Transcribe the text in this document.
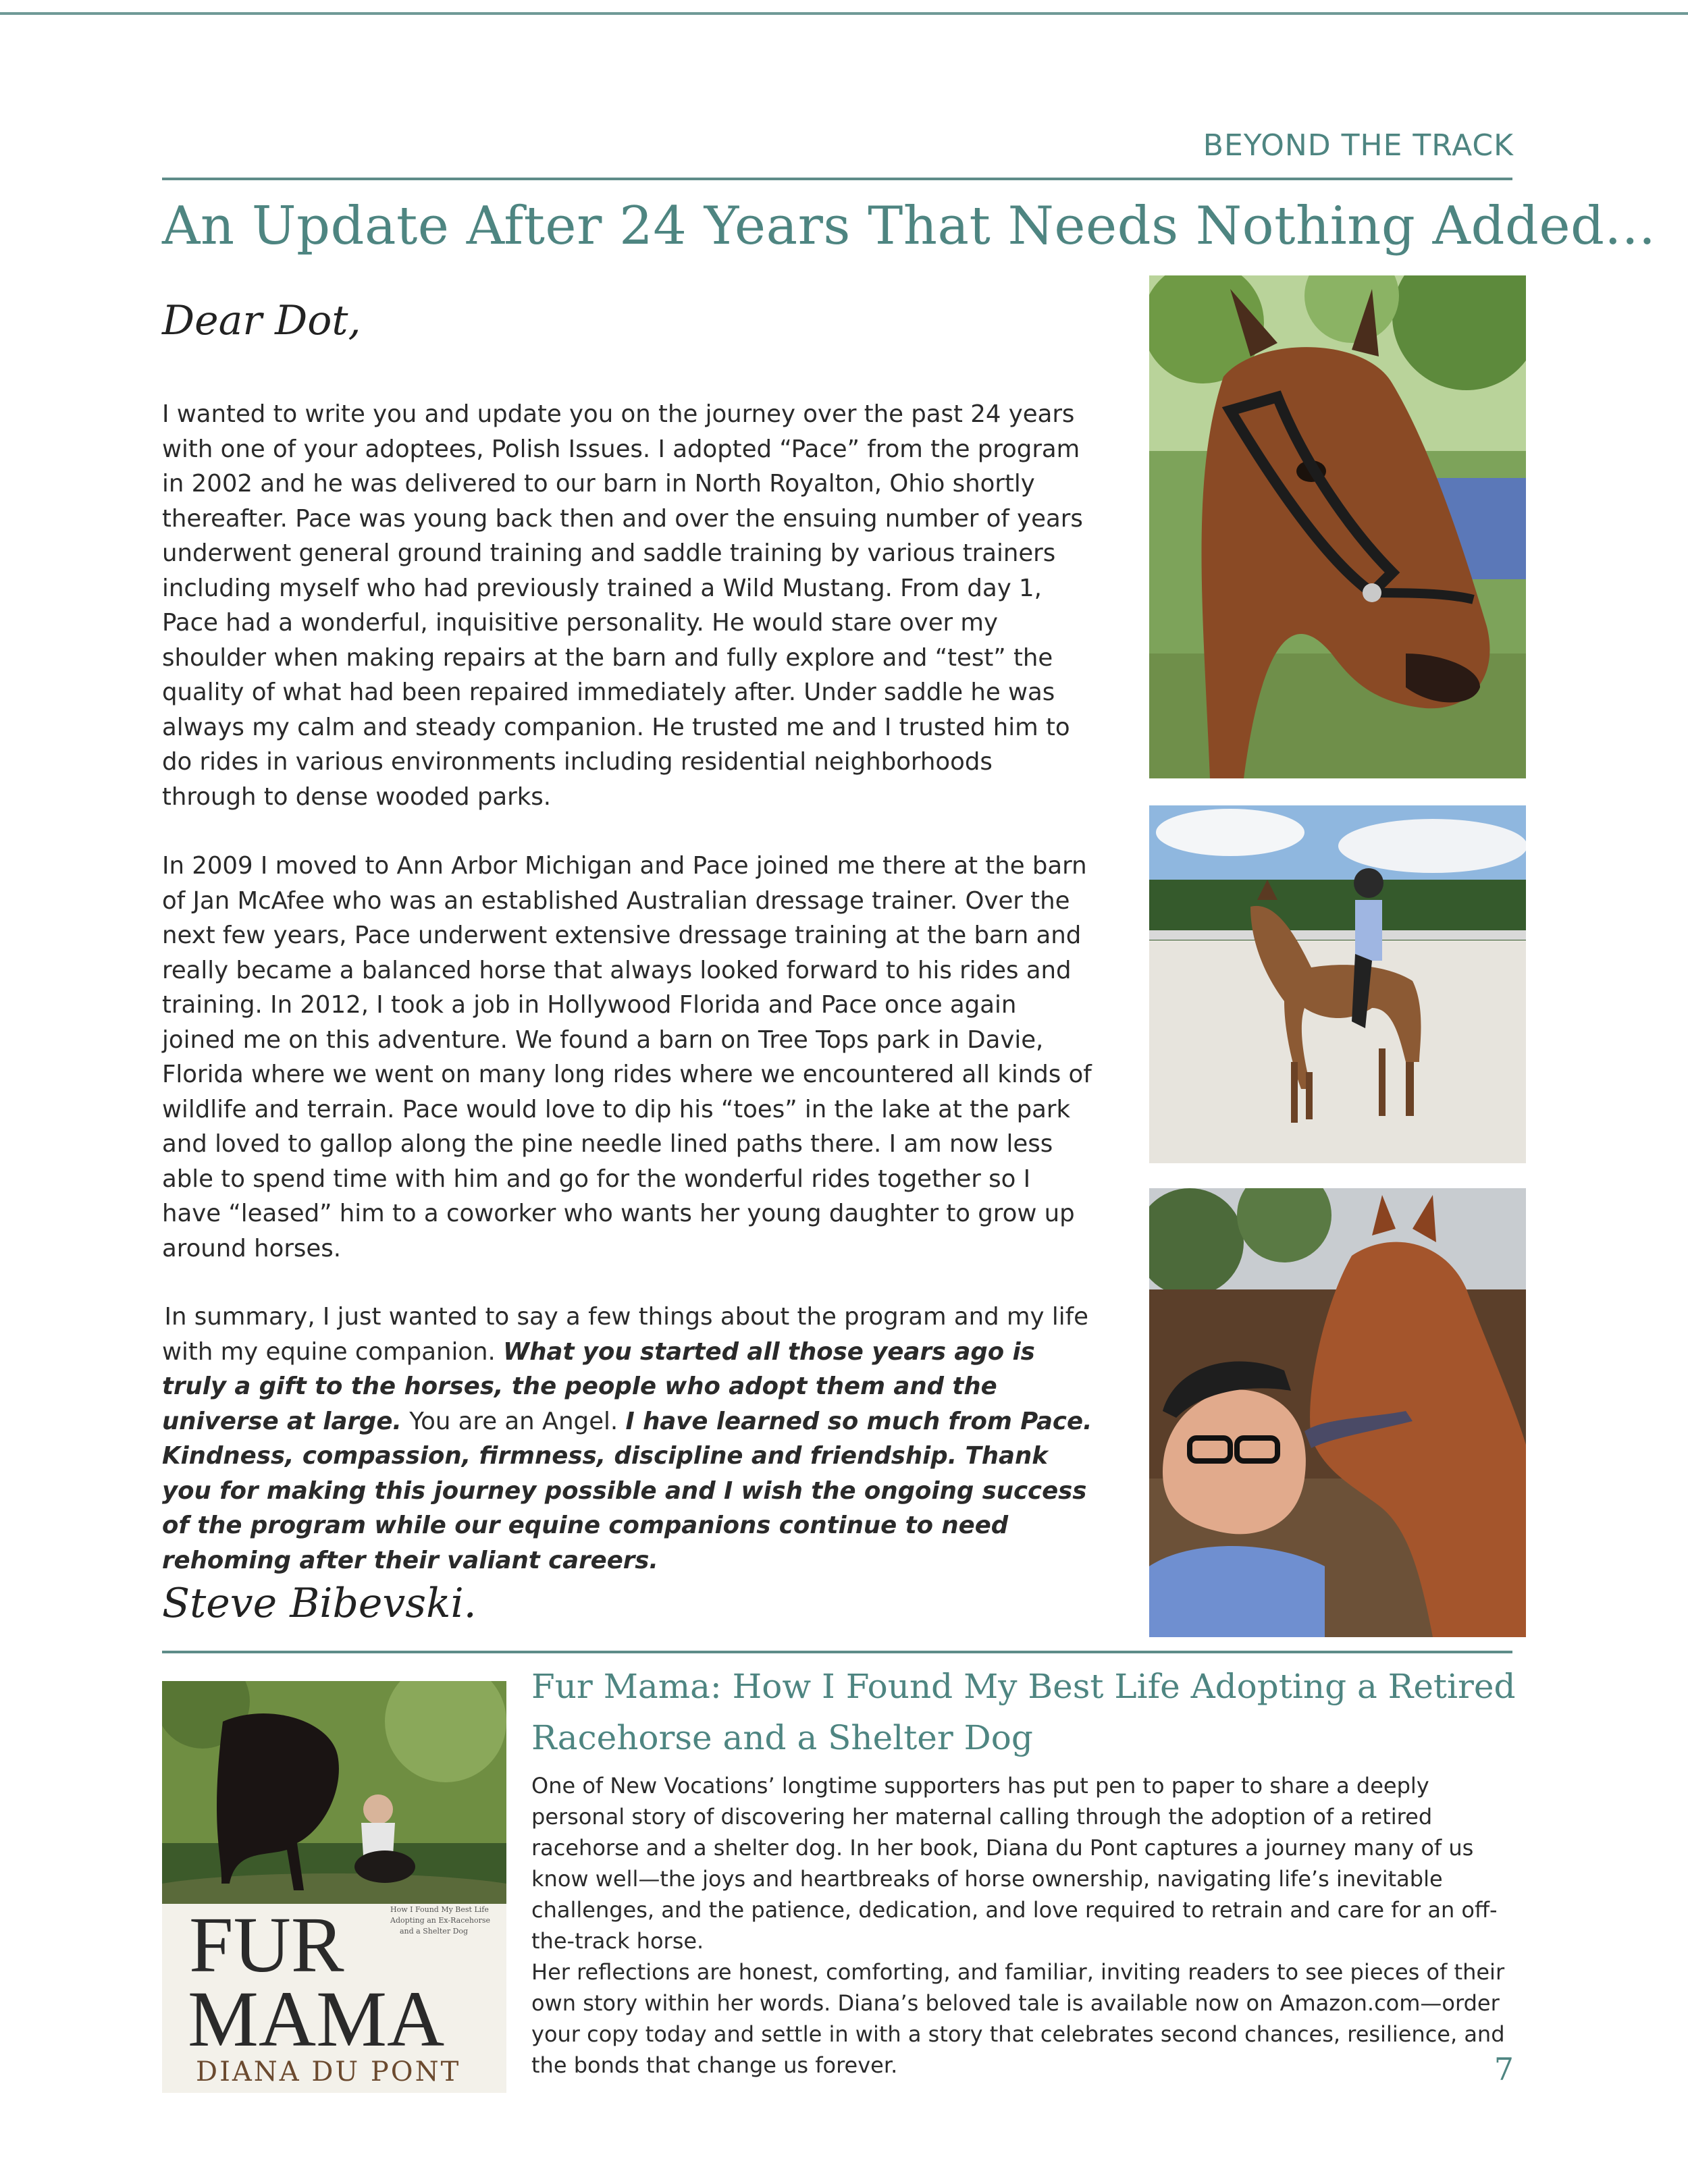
BEYOND THE TRACK
An Update After 24 Years That Needs Nothing Added...
Dear Dot,

I wanted to write you and update you on the journey over the past 24 years with one of your adoptees, Polish Issues. I adopted “Pace” from the program in 2002 and he was delivered to our barn in North Royalton, Ohio shortly thereafter. Pace was young back then and over the ensuing number of years underwent general ground training and saddle training by various trainers including myself who had previously trained a Wild Mustang. From day 1, Pace had a wonderful, inquisitive personality. He would stare over my shoulder when making repairs at the barn and fully explore and “test” the quality of what had been repaired immediately after. Under saddle he was always my calm and steady companion. He trusted me and I trusted him to do rides in various environments including residential neighborhoods through to dense wooded parks.

In 2009 I moved to Ann Arbor Michigan and Pace joined me there at the barn of Jan McAfee who was an established Australian dressage trainer. Over the next few years, Pace underwent extensive dressage training at the barn and really became a balanced horse that always looked forward to his rides and training. In 2012, I took a job in Hollywood Florida and Pace once again joined me on this adventure. We found a barn on Tree Tops park in Davie, Florida where we went on many long rides where we encountered all kinds of wildlife and terrain. Pace would love to dip his “toes” in the lake at the park and loved to gallop along the pine needle lined paths there. I am now less able to spend time with him and go for the wonderful rides together so I have “leased” him to a coworker who wants her young daughter to grow up around horses.

 In summary, I just wanted to say a few things about the program and my life with my equine companion. What you started all those years ago is truly a gift to the horses, the people who adopt them and the universe at large. You are an Angel. I have learned so much from Pace. Kindness, compassion, firmness, discipline and friendship. Thank you for making this journey possible and I wish the ongoing success of the program while our equine companions continue to need rehoming after their valiant careers.

Steve Bibevski.
How I Found My Best Life
Adopting an Ex-Racehorse
and a Shelter Dog
FUR
MAMA
DIANA DU PONT
Fur Mama: How I Found My Best Life Adopting a Retired Racehorse and a Shelter Dog

One of New Vocations’ longtime supporters has put pen to paper to share a deeply personal story of discovering her maternal calling through the adoption of a retired racehorse and a shelter dog. In her book, Diana du Pont captures a journey many of us know well—the joys and heartbreaks of horse ownership, navigating life’s inevitable challenges, and the patience, dedication, and love required to retrain and care for an off-the-track horse.

Her reflections are honest, comforting, and familiar, inviting readers to see pieces of their own story within her words. Diana’s beloved tale is available now on Amazon.com—order your copy today and settle in with a story that celebrates second chances, resilience, and the bonds that change us forever.	7
